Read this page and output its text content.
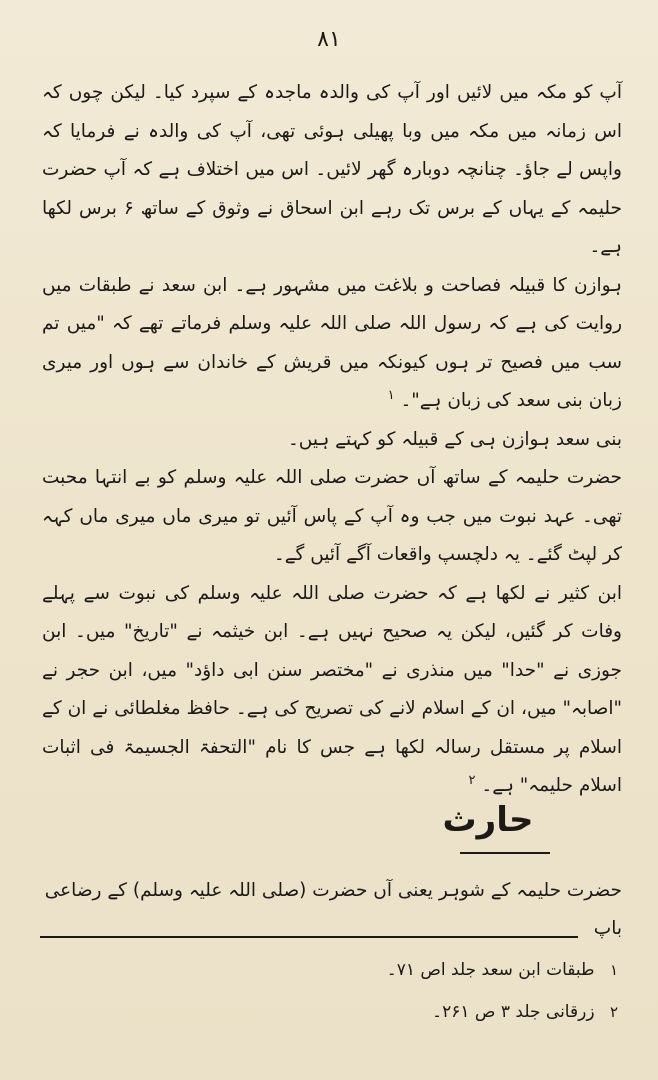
۸۱

آپ کو مکہ میں لائیں اور آپ کی والدہ ماجدہ کے سپرد کیا۔ لیکن چوں کہ اس زمانہ میں مکہ میں وبا پھیلی ہوئی تھی، آپ کی والدہ نے فرمایا کہ واپس لے جاؤ۔ چنانچہ دوبارہ گھر لائیں۔ اس میں اختلاف ہے کہ آپ حضرت حلیمہ کے یہاں کے برس تک رہے ابن اسحاق نے وثوق کے ساتھ ۶ برس لکھا ہے۔

ہوازن کا قبیلہ فصاحت و بلاغت میں مشہور ہے۔ ابن سعد نے طبقات میں روایت کی ہے کہ رسول اللہ صلی اللہ علیہ وسلم فرماتے تھے کہ "میں تم سب میں فصیح تر ہوں کیونکہ میں قریش کے خاندان سے ہوں اور میری زبان بنی سعد کی زبان ہے"۔ $^۱$

بنی سعد ہوازن ہی کے قبیلہ کو کہتے ہیں۔

حضرت حلیمہ کے ساتھ آں حضرت صلی اللہ علیہ وسلم کو بے انتہا محبت تھی۔ عہد نبوت میں جب وہ آپ کے پاس آئیں تو میری ماں میری ماں کہہ کر لپٹ گئے۔ یہ دلچسپ واقعات آگے آئیں گے۔

ابن کثیر نے لکھا ہے کہ حضرت صلی اللہ علیہ وسلم کی نبوت سے پہلے وفات کر گئیں، لیکن یہ صحیح نہیں ہے۔ ابن خیثمہ نے "تاریخ" میں۔ ابن جوزی نے "حدا" میں منذری نے "مختصر سنن ابی داؤد" میں، ابن حجر نے "اصابہ" میں، ان کے اسلام لانے کی تصریح کی ہے۔ حافظ مغلطائی نے ان کے اسلام پر مستقل رسالہ لکھا ہے جس کا نام "التحفۃ الجسیمۃ فی اثبات اسلام حلیمہ" ہے۔ $^۲$

حارث

حضرت حلیمہ کے شوہر یعنی آں حضرت (صلی اللہ علیہ وسلم) کے رضاعی باپ

۱ طبقات ابن سعد جلد اص ۷۱۔

۲ زرقانی جلد ۳ ص ۲۶۱۔
